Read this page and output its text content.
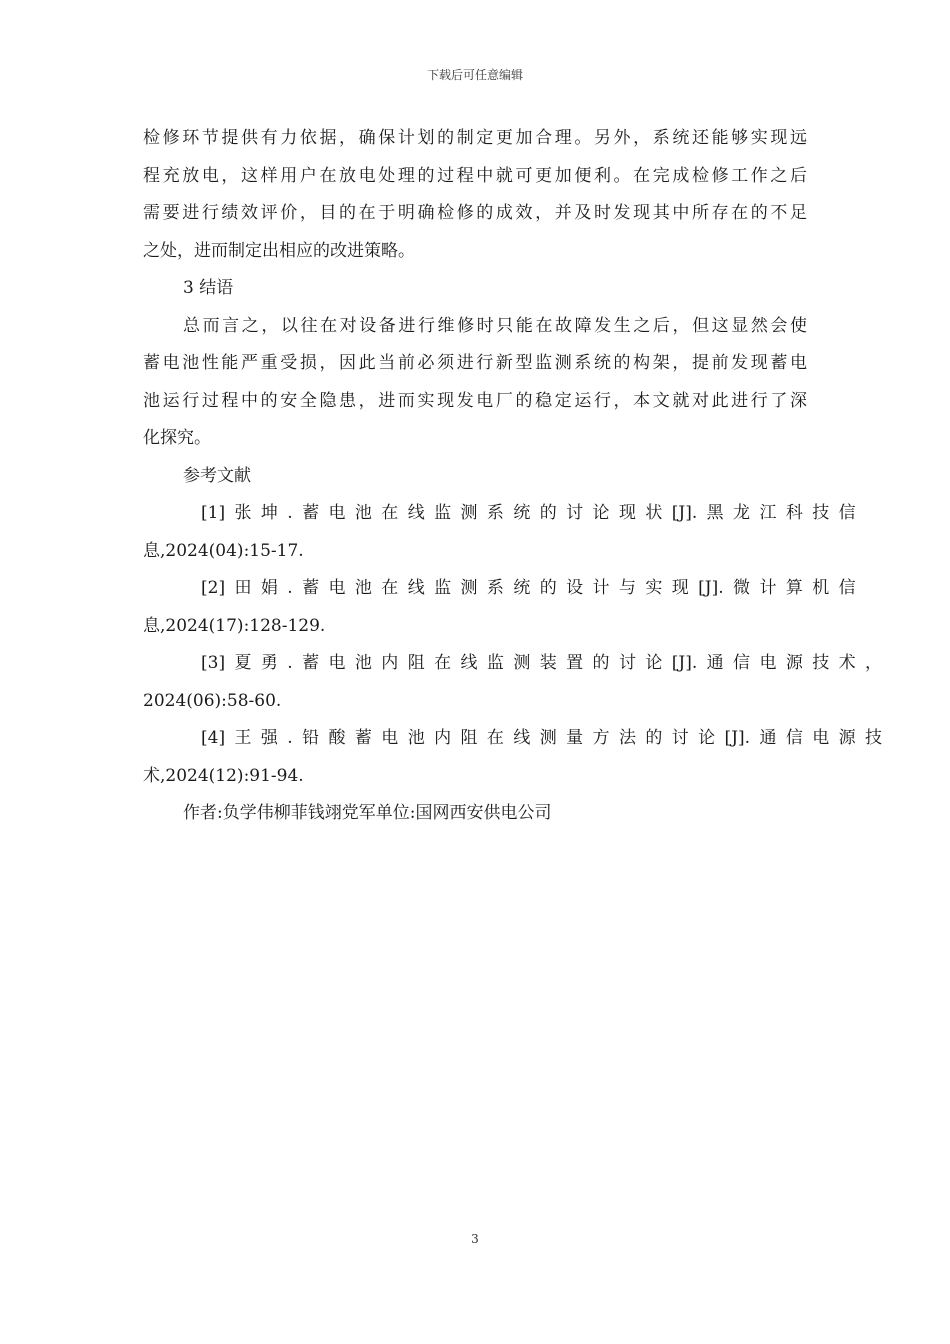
下载后可任意编辑

检修环节提供有力依据，确保计划的制定更加合理。另外，系统还能够实现远

程充放电，这样用户在放电处理的过程中就可更加便利。在完成检修工作之后

需要进行绩效评价，目的在于明确检修的成效，并及时发现其中所存在的不足

之处，进而制定出相应的改进策略。

3 结语

总而言之，以往在对设备进行维修时只能在故障发生之后，但这显然会使

蓄电池性能严重受损，因此当前必须进行新型监测系统的构架，提前发现蓄电

池运行过程中的安全隐患，进而实现发电厂的稳定运行，本文就对此进行了深

化探究。

参考文献

[1] 张 坤 . 蓄 电 池 在 线 监 测 系 统 的 讨 论 现 状 [J]. 黑 龙 江 科 技 信

息,2024(04):15-17.

[2] 田 娟 . 蓄 电 池 在 线 监 测 系 统 的 设 计 与 实 现 [J]. 微 计 算 机 信

息,2024(17):128-129.

[3] 夏 勇 . 蓄 电 池 内 阻 在 线 监 测 装 置 的 讨 论 [J]. 通 信 电 源 技 术 ，

2024(06):58-60.

[4] 王 强 . 铅 酸 蓄 电 池 内 阻 在 线 测 量 方 法 的 讨 论 [J]. 通 信 电 源 技

术,2024(12):91-94.

作者:负学伟柳菲钱翊党军单位:国网西安供电公司

3
